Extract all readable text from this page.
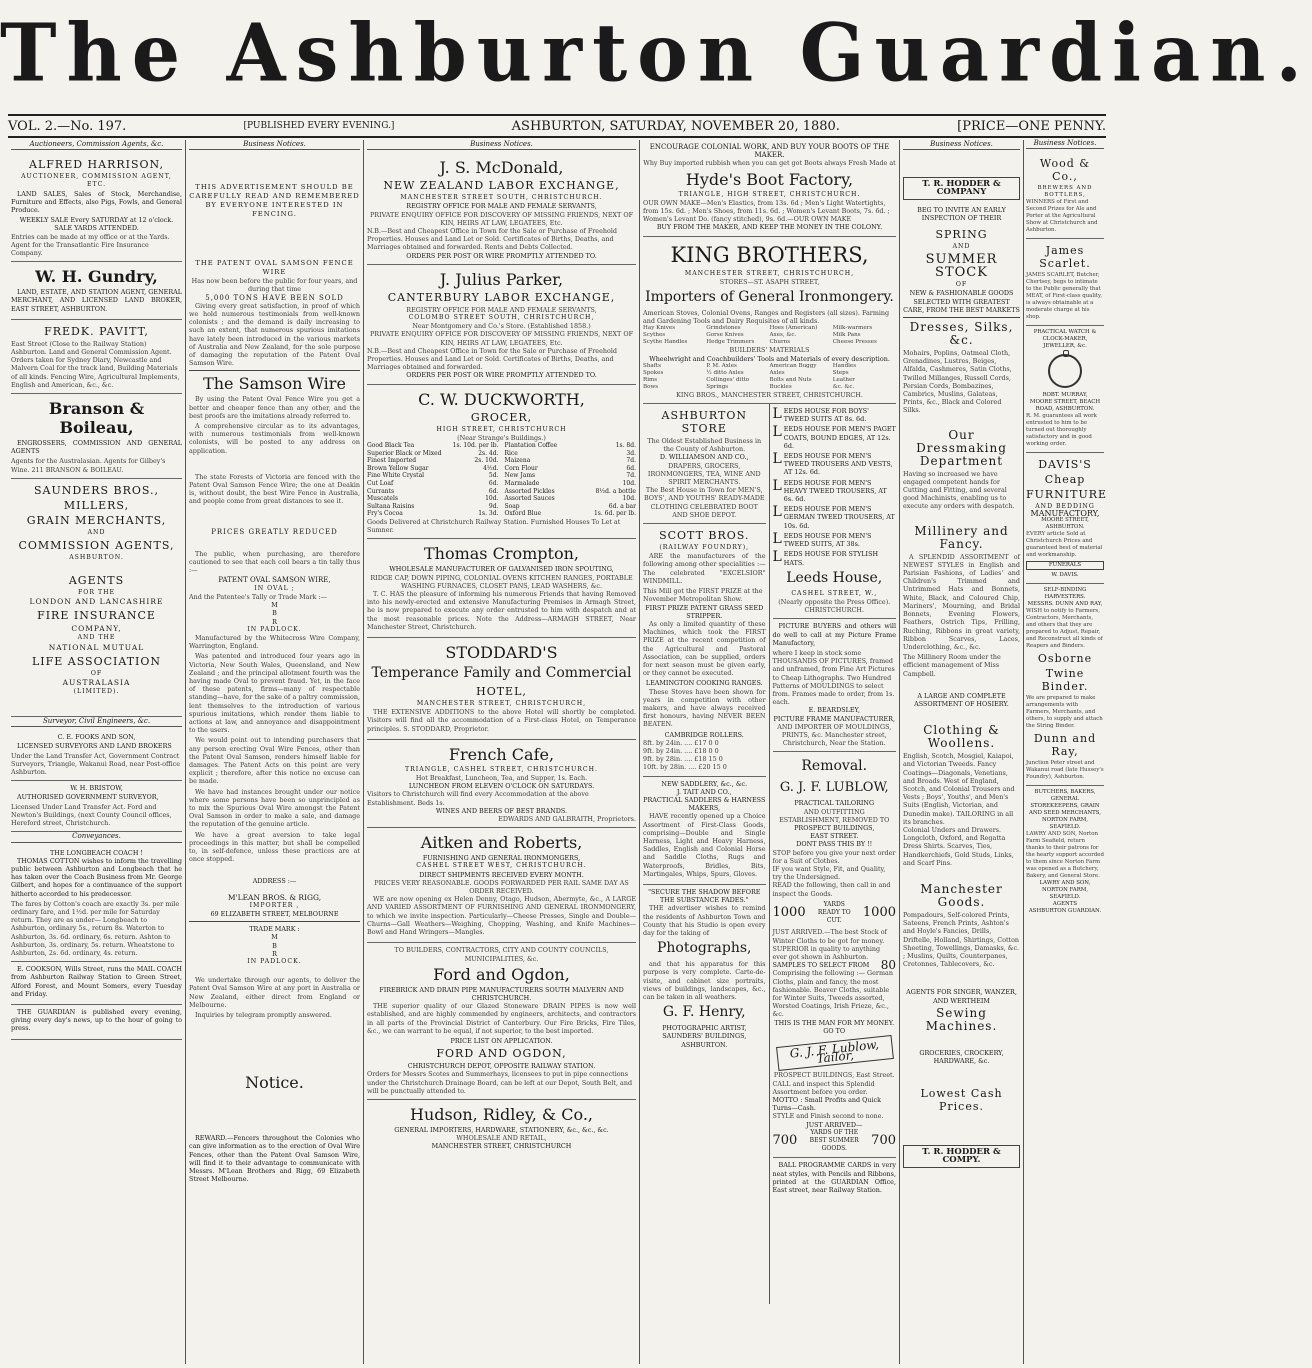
The Ashburton Guardian.
VOL. 2.—No. 197.	[PUBLISHED EVERY EVENING.]	ASHBURTON, SATURDAY, NOVEMBER 20, 1880.	[PRICE—ONE PENNY.
Auctioneers, Commission Agents, &c.
ALFRED HARRISON,
AUCTIONEER, COMMISSION AGENT, ETC.

LAND SALES, Sales of Stock, Merchandise, Furniture and Effects, also Pigs, Fowls, and General Produce.

WEEKLY SALE Every SATURDAY at 12 o'clock.
SALE YARDS ATTENDED.
Entries can be made at my office or at the Yards. Agent for the Transatlantic Fire Insurance Company.
W. H. Gundry,

LAND, ESTATE, AND STATION AGENT, GENERAL MERCHANT, AND LICENSED LAND BROKER, EAST STREET, ASHBURTON.

FREDK. PAVITT,
East Street (Close to the Railway Station) Ashburton. Land and General Commission Agent. Orders taken for Sydney Diary, Newcastle and Malvern Coal for the track land, Building Materials of all kinds. Fencing Wire, Agricultural Implements, English and American, &c., &c.
Branson & Boileau,

ENGROSSERS, COMMISSION AND GENERAL AGENTS

Agents for the Australasian. Agents for Gilbey's Wine. 211 BRANSON & BOILEAU.
SAUNDERS BROS.,
MILLERS,
GRAIN MERCHANTS,
AND
COMMISSION AGENTS,
ASHBURTON.
AGENTS
FOR THE
LONDON AND LANCASHIRE
FIRE INSURANCE
COMPANY,
AND THE
NATIONAL MUTUAL
LIFE ASSOCIATION
OF
AUSTRALASIA
(LIMITED).
Surveyor, Civil Engineers, &c.
C. E. FOOKS AND SON,

LICENSED SURVEYORS AND LAND BROKERS

Under the Land Transfer Act, Government Contract Surveyors, Triangle, Wakanui Road, near Post-office Ashburton.
W. H. BRISTOW,

AUTHORISED GOVERNMENT SURVEYOR,

Licensed Under Land Transfer Act. Ford and Newton's Buildings, (next County Council offices, Hereford street, Christchurch.
Conveyances.
THE LONGBEACH COACH !

THOMAS COTTON wishes to inform the travelling public between Ashburton and Longbeach that he has taken over the Coach Business from Mr. George Gilbert, and hopes for a continuance of the support hitherto accorded to his predecessor.

The fares by Cotton's coach are exactly 3s. per mile ordinary fare, and 1½d. per mile for Saturday return. They are as under— Longbeach to Ashburton, ordinary 5s., return 8s. Waterton to Ashburton, 3s. 6d. ordinary, 6s. return. Ashton to Ashburton, 3s. ordinary, 5s. return. Wheatstone to Ashburton, 2s. 6d. ordinary, 4s. return.

E. COOKSON, Wills Street, runs the MAIL COACH from Ashburton Railway Station to Green Street, Alford Forest, and Mount Somers, every Tuesday and Friday.

THE GUARDIAN is published every evening, giving every day's news, up to the hour of going to press.

Business Notices.
THIS ADVERTISEMENT SHOULD BE CAREFULLY READ AND REMEMBERED BY EVERYONE INTERESTED IN FENCING.
THE PATENT OVAL SAMSON FENCE WIRE
Has now been before the public for four years, and during that time
5,000 TONS HAVE BEEN SOLD

Giving every great satisfaction, in proof of which we hold numerous testimonials from well-known colonists ; and the demand is daily increasing to such an extent, that numerous spurious imitations have lately been introduced in the various markets of Australia and New Zealand, for the sole purpose of damaging the reputation of the Patent Oval Samson Wire.

The Samson Wire

By using the Patent Oval Fence Wire you get a better and cheaper fence than any other, and the best proofs are the imitations already referred to.

A comprehensive circular as to its advantages, with numerous testimonials from well-known colonists, will be posted to any address on application.

The state Forests of Victoria are fenced with the Patent Oval Samson Fence Wire; the one at Deakin is, without doubt, the best Wire Fence in Australia, and people come from great distances to see it.

PRICES GREATLY REDUCED

The public, when purchasing, are therefore cautioned to see that each coil bears a tin tally thus :—

PATENT OVAL SAMSON WIRE,
IN OVAL ;
And the Patentee's Tally or Trade Mark :—
M
B
R
IN PADLOCK.

Manufactured by the Whitecross Wire Company, Warrington, England.

Was patented and introduced four years ago in Victoria, New South Wales, Queensland, and New Zealand ; and the principal allotment fourth was the having made Oval to prevent fraud. Yet, in the face of these patents, firms—many of respectable standing—have, for the sake of a paltry commission, lent themselves to the introduction of various spurious imitations, which render them liable to actions at law, and annoyance and disappointment to the users.

We would point out to intending purchasers that any person erecting Oval Wire Fences, other than the Patent Oval Samson, renders himself liable for damages. The Patent Acts on this point are very explicit ; therefore, after this notice no excuse can be made.

We have had instances brought under our notice where some persons have been so unprincipled as to mix the Spurious Oval Wire amongst the Patent Oval Samson in order to make a sale, and damage the reputation of the genuine article.

We have a great aversion to take legal proceedings in this matter, but shall be compelled to, in self-defence, unless these practices are at once stopped.

ADDRESS :—
M'LEAN BROS. & RIGG,
IMPORTER ,
69 ELIZABETH STREET, MELBOURNE
TRADE MARK :
M
B
R
IN PADLOCK.

We undertake through our agents, to deliver the Patent Oval Samson Wire at any port in Australia or New Zealand, either direct from England or Melbourne.

Inquiries by telegram promptly answered.

Notice.

REWARD.—Fencers throughout the Colonies who can give information as to the erection of Oval Wire Fences, other than the Patent Oval Samson Wire, will find it to their advantage to communicate with Messrs. M'Lean Brothers and Rigg, 69 Elizabeth Street Melbourne.

Business Notices.
J. S. McDonald,
NEW ZEALAND LABOR EXCHANGE,
MANCHESTER STREET SOUTH, CHRISTCHURCH.
REGISTRY OFFICE FOR MALE AND FEMALE SERVANTS,
PRIVATE ENQUIRY OFFICE FOR DISCOVERY OF MISSING FRIENDS, NEXT OF KIN, HEIRS AT LAW, LEGATEES, Etc.
N.B.—Best and Cheapest Office in Town for the Sale or Purchase of Freehold Properties. Houses and Land Let or Sold. Certificates of Births, Deaths, and Marriages obtained and forwarded. Rents and Debts Collected.
ORDERS PER POST OR WIRE PROMPTLY ATTENDED TO.
J. Julius Parker,
CANTERBURY LABOR EXCHANGE,
REGISTRY OFFICE FOR MALE AND FEMALE SERVANTS,
COLOMBO STREET SOUTH, CHRISTCHURCH,
Near Montgomery and Co.'s Store. (Established 1858.)
PRIVATE ENQUIRY OFFICE FOR DISCOVERY OF MISSING FRIENDS, NEXT OF KIN, HEIRS AT LAW, LEGATEES, Etc.
N.B.—Best and Cheapest Office in Town for the Sale or Purchase of Freehold Properties. Houses and Land Let or Sold. Certificates of Births, Deaths, and Marriages obtained and forwarded.
ORDERS PER POST OR WIRE PROMPTLY ATTENDED TO.
C. W. DUCKWORTH,
GROCER,
HIGH STREET, CHRISTCHURCH
(Near Strange's Buildings.)
Good Black Tea	1s. 10d. per lb. Plantation Coffee	1s. 8d.
Superior Black or Mixed	2s. 4d. Rice	3d.
Finest Imported	2s. 10d. Maizena	7d.
Brown Yellow Sugar	4½d. Corn Flour	6d.
Fine White Crystal	5d. New Jams	7d.
Cut Loaf	6d. Marmalade	10d.
Currants	6d. Assorted Pickles	8½d. a bottle
Muscatels	10d. Assorted Sauces	10d.
Sultana Raisins	9d. Soap	6d. a bar
Fry's Cocoa	1s. 3d. Oxford Blue	1s. 6d. per lb.
Goods Delivered at Christchurch Railway Station. Furnished Houses To Let at Sumner.
Thomas Crompton,
WHOLESALE MANUFACTURER OF GALVANISED IRON SPOUTING,
RIDGE CAP, DOWN PIPING, COLONIAL OVENS KITCHEN RANGES, PORTABLE WASHING FURNACES, CLOSET PANS, LEAD WASHERS, &c.

T. C. HAS the pleasure of informing his numerous Friends that having Removed into his newly-erected and extensive Manufacturing Premises in Armagh Street, he is now prepared to execute any order entrusted to him with despatch and at the most reasonable prices. Note the Address—ARMAGH STREET, Near Manchester Street, Christchurch.

STODDARD'S
Temperance Family and Commercial
HOTEL,
MANCHESTER STREET, CHRISTCHURCH,

THE EXTENSIVE ADDITIONS to the above Hotel will shortly be completed. Visitors will find all the accommodation of a First-class Hotel, on Temperance principles. S. STODDARD, Proprietor.

French Cafe,
TRIANGLE, CASHEL STREET, CHRISTCHURCH.
Hot Breakfast, Luncheon, Tea, and Supper, 1s. Each.
LUNCHEON FROM ELEVEN O'CLOCK ON SATURDAYS.
Visitors to Christchurch will find every Accommodation at the above Establishment. Beds 1s.
WINES AND BEERS OF BEST BRANDS.
EDWARDS AND GALBRAITH, Proprietors.
Aitken and Roberts,
FURNISHING AND GENERAL IRONMONGERS,
CASHEL STREET WEST, CHRISTCHURCH.
DIRECT SHIPMENTS RECEIVED EVERY MONTH.
PRICES VERY REASONABLE. GOODS FORWARDED PER RAIL SAME DAY AS ORDER RECEIVED.

WE are now opening ex Helen Denny, Otago, Hudson, Abermyte, &c., A LARGE AND VARIED ASSORTMENT OF FURNISHING AND GENERAL IRONMONGERY, to which we invite inspection. Particularly—Cheese Presses, Single and Double—Churns—Gall Weathers—Weighing, Chopping, Washing, and Knife Machines—Bowl and Hand Wringers—Mangles.

TO BUILDERS, CONTRACTORS, CITY AND COUNTY COUNCILS, MUNICIPALITIES, &c.
Ford and Ogdon,
FIREBRICK AND DRAIN PIPE MANUFACTURERS SOUTH MALVERN AND CHRISTCHURCH.

THE superior quality of our Glazed Stoneware DRAIN PIPES is now well established, and are highly commended by engineers, architects, and contractors in all parts of the Provincial District of Canterbury. Our Fire Bricks, Fire Tiles, &c., we can warrant to be equal, if not superior, to the best imported.

PRICE LIST ON APPLICATION.
FORD AND OGDON,
CHRISTCHURCH DEPOT, OPPOSITE RAILWAY STATION.
Orders for Messrs Scotes and Summerhays, licensees to put in pipe connections under the Christchurch Drainage Board, can be left at our Depot, South Belt, and will be punctually attended to.
Hudson, Ridley, & Co.,
GENERAL IMPORTERS, HARDWARE, STATIONERY, &c., &c., &c.
WHOLESALE AND RETAIL,
MANCHESTER STREET, CHRISTCHURCH
ENCOURAGE COLONIAL WORK, AND BUY YOUR BOOTS OF THE MAKER.
Why Buy imported rubbish when you can get got Boots always Fresh Made at
Hyde's Boot Factory,
TRIANGLE, HIGH STREET, CHRISTCHURCH.
OUR OWN MAKE—Men's Elastics, from 13s. 6d ; Men's Light Watertights, from 15s. 6d. ; Men's Shoes, from 11s. 6d. ; Women's Levant Boots, 7s. 6d. ; Women's Levant Do. (fancy stitched), 9s. 6d.—OUR OWN MAKE
BUY FROM THE MAKER, AND KEEP THE MONEY IN THE COLONY.
KING BROTHERS,
MANCHESTER STREET, CHRISTCHURCH,
STORES—ST. ASAPH STREET,
Importers of General Ironmongery.
American Stoves, Colonial Ovens, Ranges and Registers (all sizes). Farming and Gardening Tools and Dairy Requisites of all kinds.
Hay Knives	Grindstones	Hoes (American)	Milk-warmers
Scythes	Gorse Knives	Axes, &c.	Milk Pans
Scythe Handles	Hedge Trimmers	Churns	Cheese Presses
BUILDERS' MATERIALS
Wheelwright and Coachbuilders' Tools and Materials of every description.
Shafts	P. M. Axles	American Buggy	Handles
Spokes	½ ditto Axles	Axles	Steps
Rims	Collinges' ditto	Bolts and Nuts	Leather
Bows	Springs	Buckles	&c. &c.
KING BROS., MANCHESTER STREET, CHRISTCHURCH.
ASHBURTON STORE
The Oldest Established Business in the County of Ashburton.
D. WILLIAMSON AND CO.,
DRAPERS, GROCERS, IRONMONGERS, TEA, WINE AND SPIRIT MERCHANTS.
The Best House in Town for MEN'S, BOYS', AND YOUTHS' READY-MADE CLOTHING CELEBRATED BOOT AND SHOE DEPOT.
SCOTT BROS.
(RAILWAY FOUNDRY),

ARE the manufacturers of the following among other specialities :— The celebrated "EXCELSIOR" WINDMILL.

This Mill got the FIRST PRIZE at the November Metropolitan Show.
FIRST PRIZE PATENT GRASS SEED STRIPPER.

As only a limited quantity of these Machines, which took the FIRST PRIZE at the recent competition of the Agricultural and Pastoral Association, can be supplied, orders for next season must be given early, or they cannot be executed.

LEAMINGTON COOKING RANGES.

These Stoves have been shown for years in competition with other makers, and have always received first honours, having NEVER BEEN BEATEN.

CAMBRIDGE ROLLERS.
8ft. by 24in. .... £17 0 0
9ft. by 24in. .... £18 0 0
9ft. by 28in. .... £18 15 0
10ft. by 28in. .... £20 15 0
NEW SADDLERY, &c., &c.
J. TAIT AND CO.,
PRACTICAL SADDLERS & HARNESS MAKERS,

HAVE recently opened up a Choice Assortment of First-Class Goods, comprising—Double and Single Harness, Light and Heavy Harness, Saddles, English and Colonial Horse and Saddle Cloths, Rugs and Waterproofs, Bridles, Bits, Martingales, Whips, Spurs, Gloves.

"SECURE THE SHADOW BEFORE THE SUBSTANCE FADES."

THE advertiser wishes to remind the residents of Ashburton Town and County that his Studio is open every day for the taking of

Photographs,

and that his apparatus for this purpose is very complete. Carte-de-visite, and cabinet size portraits, views of buildings, landscapes, &c., can be taken in all weathers.

G. F. Henry,
PHOTOGRAPHIC ARTIST, SAUNDERS' BUILDINGS, ASHBURTON.
L EEDS HOUSE FOR BOYS' TWEED SUITS AT 8s. 6d.
L EEDS HOUSE FOR MEN'S PAGET COATS, BOUND EDGES, AT 12s. 6d.
L EEDS HOUSE FOR MEN'S TWEED TROUSERS AND VESTS, AT 12s. 6d.
L EEDS HOUSE FOR MEN'S HEAVY TWEED TROUSERS, AT 6s. 6d.
L EEDS HOUSE FOR MEN'S GERMAN TWEED TROUSERS, AT 10s. 6d.
L EEDS HOUSE FOR MEN'S TWEED SUITS, AT 38s.
L EEDS HOUSE FOR STYLISH HATS.
Leeds House,
CASHEL STREET, W.,
(Nearly opposite the Press Office). CHRISTCHURCH.

PICTURE BUYERS and others will do well to call at my Picture Frame Manufactory,

where I keep in stock some THOUSANDS OF PICTURES, framed and unframed, from Fine Art Pictures to Cheap Lithographs. Two Hundred Patterns of MOULDINGS to select from. Frames made to order, from 1s. each.
E. BEARDSLEY,
PICTURE FRAME MANUFACTURER,
AND IMPORTER OF MOULDINGS, PRINTS, &c. Manchester street, Christchurch, Near the Station.
Removal.
G. J. F. LUBLOW,
PRACTICAL TAILORING
AND OUTFITTING ESTABLISHMENT, REMOVED TO
PROSPECT BUILDINGS,
EAST STREET.
DONT PASS THIS BY !!
STOP before you give your next order for a Suit of Clothes.
IF you want Style, Fit, and Quality, try the Undersigned.
READ the following, then call in and inspect the Goods.
1000
YARDS READY TO CUT.
1000
JUST ARRIVED.—The best Stock of Winter Cloths to be got for money. SUPERIOR in quality to anything ever got shown in Ashburton.
SAMPLES TO SELECT FROM 80
Comprising the following :— German Cloths, plain and fancy, the most fashionable. Beaver Cloths, suitable for Winter Suits, Tweeds assorted, Worsted Coatings, Irish Frieze, &c., &c.
THIS IS THE MAN FOR MY MONEY.
GO TO
G. J. F. Lublow, Tailor,
PROSPECT BUILDINGS, East Street.
CALL and inspect this Splendid Assortment before you order.
MOTTO : Small Profits and Quick Turns—Cash.
STYLE and Finish second to none.
JUST ARRIVED—
700
YARDS OF THE BEST SUMMER GOODS.
700

BALL PROGRAMME CARDS in very neat styles, with Pencils and Ribbons, printed at the GUARDIAN Office, East street, near Railway Station.

Business Notices.
T. R. HODDER & COMPANY
BEG TO INVITE AN EARLY INSPECTION OF THEIR
SPRING
AND
SUMMER STOCK
OF
NEW & FASHIONABLE GOODS SELECTED WITH GREATEST CARE, FROM THE BEST MARKETS
Dresses, Silks, &c.
Mohairs, Poplins, Oatmeal Cloth, Grenadines, Lustres, Beiges, Alfalda, Cashmeres, Satin Cloths, Twilled Millanges, Russell Cords, Persian Cords, Bombazines, Cambrics, Muslins, Galateas, Prints, &c., Black and Colored Silks.
Our Dressmaking Department
Having so increased we have engaged competent hands for Cutting and Fitting, and several good Machinists, enabling us to execute any orders with despatch.
Millinery and Fancy.

A SPLENDID ASSORTMENT of NEWEST STYLES in English and Parisian Fashions, of Ladies' and Children's Trimmed and Untrimmed Hats and Bonnets, White, Black, and Coloured Chip, Mariners', Mourning, and Bridal Bonnets, Evening Flowers, Feathers, Ostrich Tips, Frilling, Ruching, Ribbons in great variety, Ribbon Scarves, Laces, Underclothing, &c., &c.

The Millinery Room under the efficient management of Miss Campbell.
A LARGE AND COMPLETE ASSORTMENT OF HOSIERY.
Clothing & Woollens.
English, Scotch, Mosgiel, Kaiapoi, and Victorian Tweeds. Fancy Coatings—Diagonals, Venetians, and Broads. West of England, Scotch, and Colonial Trousers and Vests ; Boys', Youths', and Men's Suits (English, Victorian, and Dunedin make). TAILORING in all its branches.
Colonial Unders and Drawers. Longcloth, Oxford, and Regatta Dress Shirts. Scarves, Ties, Handkerchiefs, Gold Studs, Links, and Scarf Pins.
Manchester Goods.
Pompadours, Self-colored Prints, Sateens, French Prints, Ashton's and Hoyle's Fancies, Drills, Driftelle, Holland, Shirtings, Cotton Sheeting, Towellings, Damasks, &c. ; Muslins, Quilts, Counterpanes, Cretonnes, Tablecovers, &c.
AGENTS FOR SINGER, WANZER, AND WERTHEIM
Sewing Machines.
GROCERIES, CROCKERY,
HARDWARE, &c.
Lowest Cash Prices.
T. R. HODDER & COMPY.
Business Notices.
Wood & Co.,
BREWERS AND BOTTLERS,
WINNERS of First and Second Prizes for Ale and Porter at the Agricultural Show at Christchurch and Ashburton.
James Scarlet.
JAMES SCARLET, Butcher, Chertsey, begs to intimate to the Public generally that MEAT, of First-class quality, is always obtainable at a moderate charge at his shop.
PRACTICAL WATCH & CLOCK-MAKER, JEWELLER, &c.
ROBT. MURRAY,
MOORE STREET, BEACH ROAD, ASHBURTON.
R. M. guarantees all work entrusted to him to be turned out thoroughly satisfactory and in good working order.
DAVIS'S
Cheap
FURNITURE
AND BEDDING
MANUFACTORY,
MOORE STREET, ASHBURTON.
EVERY article Sold at Christchurch Prices and guaranteed best of material and workmanship.
FUNERALS
W. DAVIS.
SELF-BINDING HARVESTERS.
MESSRS. DUNN AND RAY,
WISH to notify to Farmers, Contractors, Merchants, and others that they are prepared to Adjust, Repair, and Reconstruct all kinds of Reapers and Binders.
Osborne
Twine Binder.
We are prepared to make arrangements with Farmers, Merchants, and others, to supply and attach the String Binder.
Dunn and Ray,
Junction Peter street and Wakanui road (late Hussey's Foundry), Ashburton.
BUTCHERS, BAKERS, GENERAL STOREKEEPERS, GRAIN AND SEED MERCHANTS, NORTON FARM, SEAFIELD.
LAWRY AND SON, Norton Farm Seafield, return thanks to their patrons for the hearty support accorded to them since Norton Farm was opened as a Butchery, Bakery, and General Store.
LAWRY AND SON, NORTON FARM, SEAFIELD.
AGENTS
ASHBURTON GUARDIAN.
